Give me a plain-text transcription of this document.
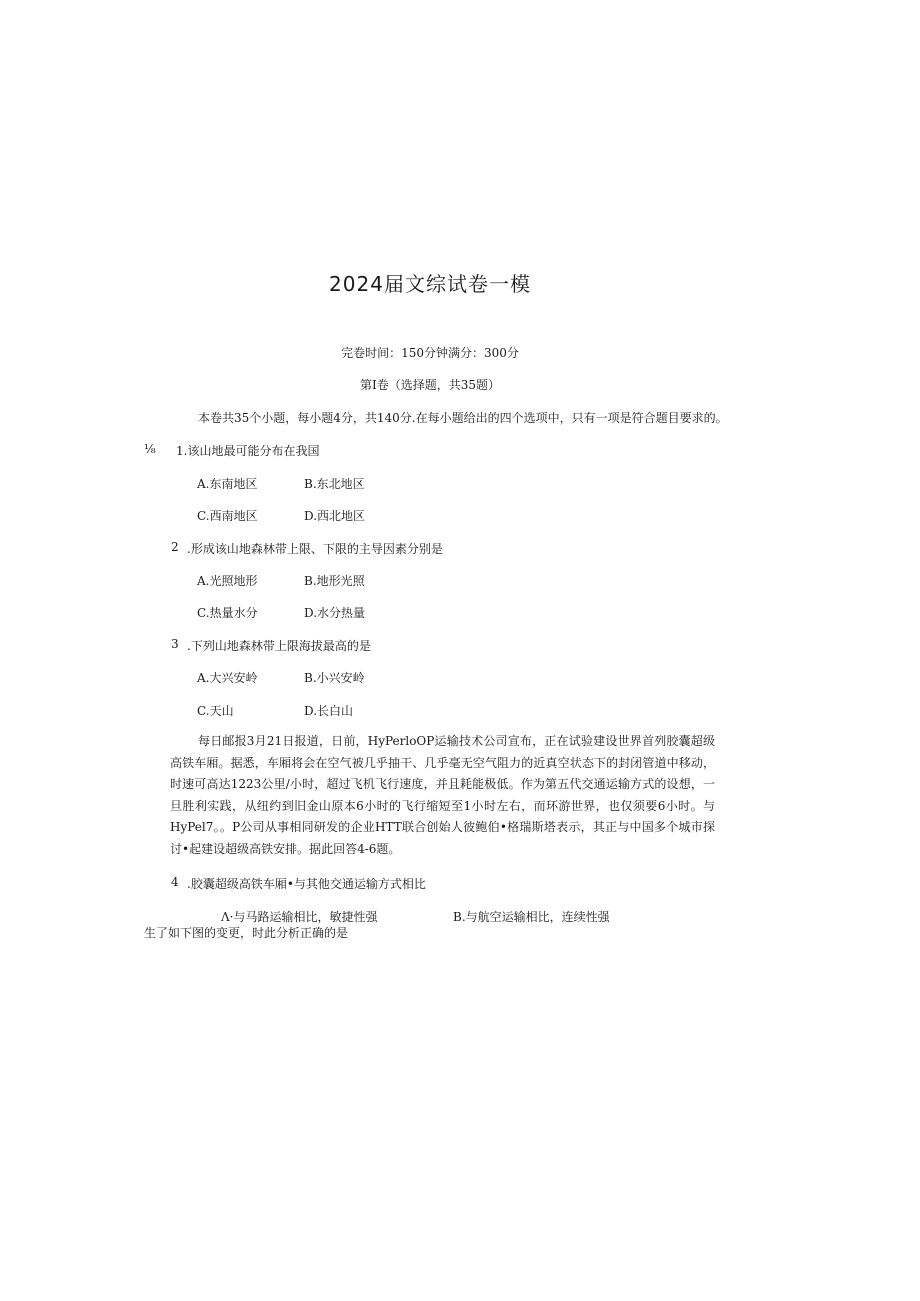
2024届文综试卷一模
完卷时间：150分钟满分：300分
第I卷（选择题，共35题）
本卷共35个小题，每小题4分，共140分.在每小题给出的四个选项中，只有一项是符合题目要求的。
⅛ 1.该山地最可能分布在我国
A.东南地区	B.东北地区
C.西南地区	D.西北地区
2 .形成该山地森林带上限、下限的主导因素分别是
A.光照地形	B.地形光照
C.热量水分	D.水分热量
3 .下列山地森林带上限海拔最高的是
A.大兴安岭	B.小兴安岭
C.天山	D.长白山
每日邮报3月21日报道，日前，HyPerloOP运输技术公司宣布，正在试验建设世界首列胶囊超级高铁车厢。据悉，车厢将会在空气被几乎抽干、几乎毫无空气阻力的近真空状态下的封闭管道中移动，时速可高达1223公里/小时，超过飞机飞行速度，并且耗能极低。作为第五代交通运输方式的设想，一旦胜利实践，从纽约到旧金山原本6小时的飞行缩短至1小时左右，而环游世界，也仅须要6小时。与HyPel7。。P公司从事相同研发的企业HTT联合创始人彼鲍伯•格瑞斯塔表示，其正与中国多个城市探讨•起建设超级高铁安排。据此回答4-6题。
4 .胶囊超级高铁车厢•与其他交通运输方式相比
Λ·与马路运输相比，敏捷性强	B.与航空运输相比，连续性强
生了如下图的变更，时此分析正确的是
